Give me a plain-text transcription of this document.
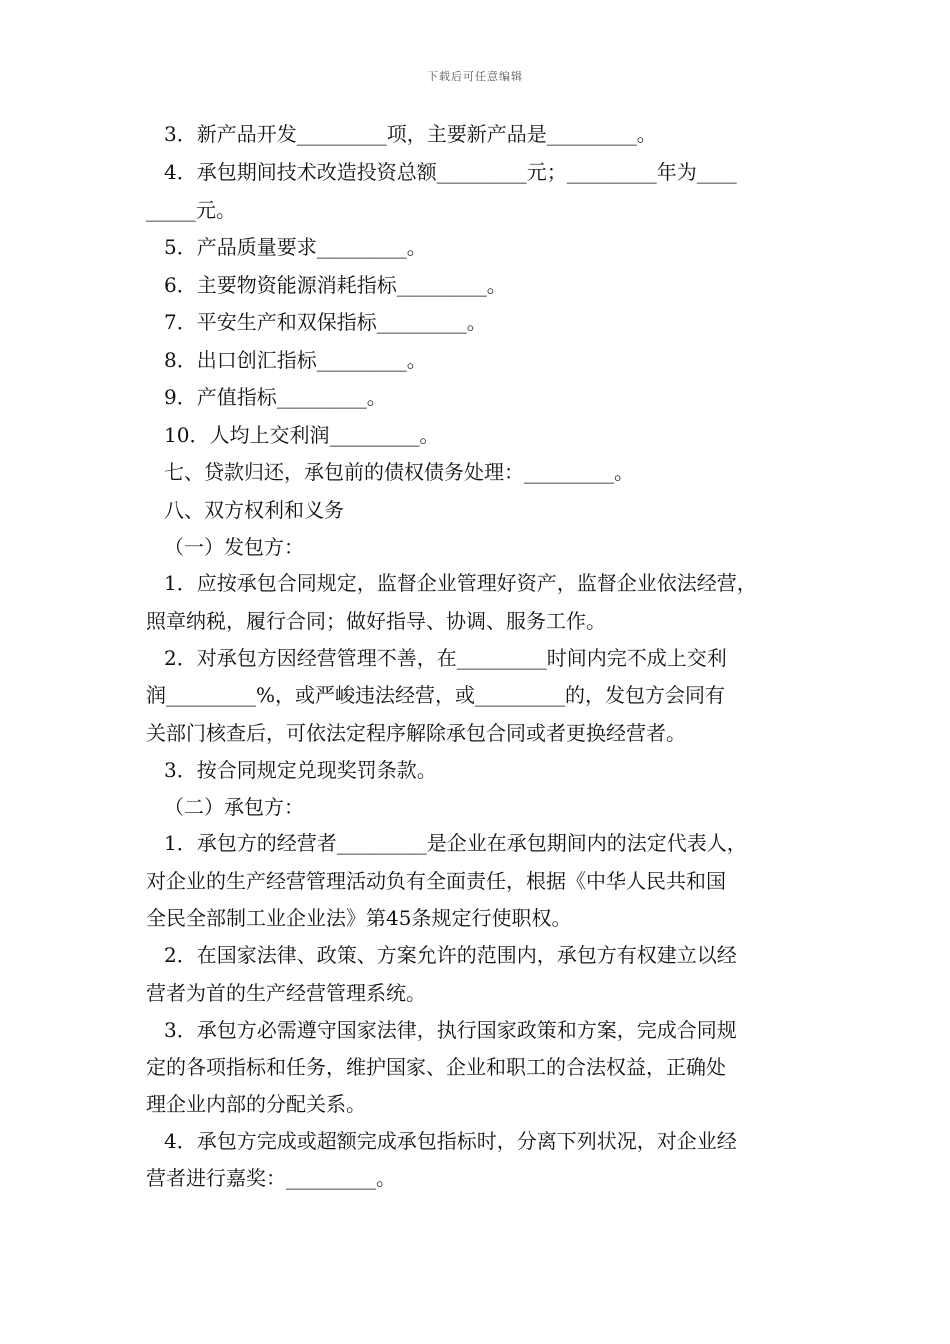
下载后可任意编辑
3．新产品开发_________项，主要新产品是_________。
4．承包期间技术改造投资总额_________元；_________年为____
_____元。
5．产品质量要求_________。
6．主要物资能源消耗指标_________。
7．平安生产和双保指标_________。
8．出口创汇指标_________。
9．产值指标_________。
10．人均上交利润_________。
七、贷款归还，承包前的债权债务处理：_________。
八、双方权利和义务
（一）发包方：
1．应按承包合同规定，监督企业管理好资产，监督企业依法经营，
照章纳税，履行合同；做好指导、协调、服务工作。
2．对承包方因经营管理不善，在_________时间内完不成上交利
润_________%，或严峻违法经营，或_________的，发包方会同有
关部门核查后，可依法定程序解除承包合同或者更换经营者。
3．按合同规定兑现奖罚条款。
（二）承包方：
1．承包方的经营者_________是企业在承包期间内的法定代表人，
对企业的生产经营管理活动负有全面责任，根据《中华人民共和国
全民全部制工业企业法》第45条规定行使职权。
2．在国家法律、政策、方案允许的范围内，承包方有权建立以经
营者为首的生产经营管理系统。
3．承包方必需遵守国家法律，执行国家政策和方案，完成合同规
定的各项指标和任务，维护国家、企业和职工的合法权益，正确处
理企业内部的分配关系。
4．承包方完成或超额完成承包指标时，分离下列状况，对企业经
营者进行嘉奖：_________。
